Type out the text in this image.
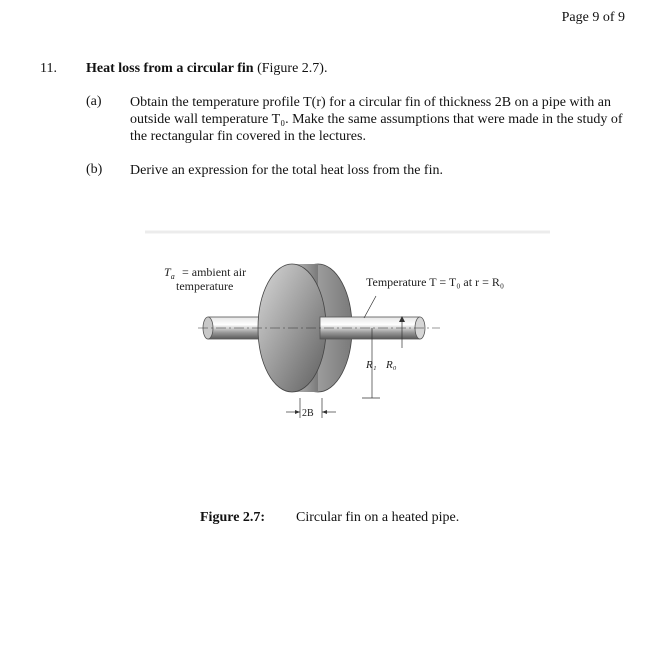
Page 9 of 9
11. Heat loss from a circular fin (Figure 2.7).
(a) Obtain the temperature profile T(r) for a circular fin of thickness 2B on a pipe with an outside wall temperature T₀. Make the same assumptions that were made in the study of the rectangular fin covered in the lectures.
(b) Derive an expression for the total heat loss from the fin.
$T_a$ = ambient air
temperature	Temperature T = T₀ at r = R₀
R₁ R₀
2B
Figure 2.7: Circular fin on a heated pipe.
